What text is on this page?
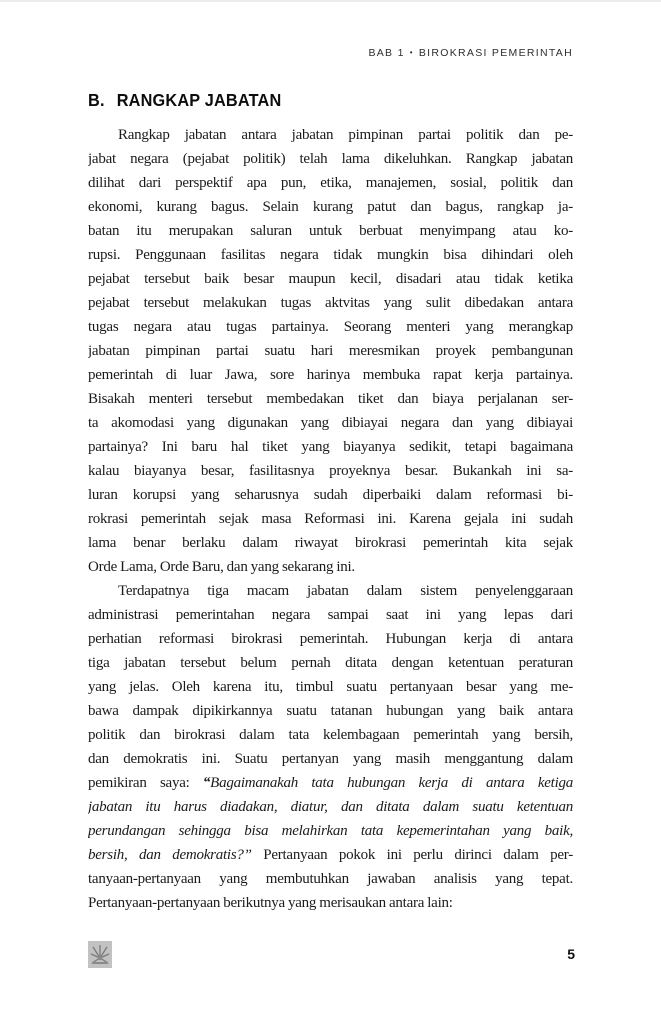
BAB 1 • BIROKRASI PEMERINTAH
B. RANGKAP JABATAN
Rangkap jabatan antara jabatan pimpinan partai politik dan pe-
jabat negara (pejabat politik) telah lama dikeluhkan. Rangkap jabatan
dilihat dari perspektif apa pun, etika, manajemen, sosial, politik dan
ekonomi, kurang bagus. Selain kurang patut dan bagus, rangkap ja-
batan itu merupakan saluran untuk berbuat menyimpang atau ko-
rupsi. Penggunaan fasilitas negara tidak mungkin bisa dihindari oleh
pejabat tersebut baik besar maupun kecil, disadari atau tidak ketika
pejabat tersebut melakukan tugas aktvitas yang sulit dibedakan antara
tugas negara atau tugas partainya. Seorang menteri yang merangkap
jabatan pimpinan partai suatu hari meresmikan proyek pembangunan
pemerintah di luar Jawa, sore harinya membuka rapat kerja partainya.
Bisakah menteri tersebut membedakan tiket dan biaya perjalanan ser-
ta akomodasi yang digunakan yang dibiayai negara dan yang dibiayai
partainya? Ini baru hal tiket yang biayanya sedikit, tetapi bagaimana
kalau biayanya besar, fasilitasnya proyeknya besar. Bukankah ini sa-
luran korupsi yang seharusnya sudah diperbaiki dalam reformasi bi-
rokrasi pemerintah sejak masa Reformasi ini. Karena gejala ini sudah
lama benar berlaku dalam riwayat birokrasi pemerintah kita sejak
Orde Lama, Orde Baru, dan yang sekarang ini.
Terdapatnya tiga macam jabatan dalam sistem penyelenggaraan
administrasi pemerintahan negara sampai saat ini yang lepas dari
perhatian reformasi birokrasi pemerintah. Hubungan kerja di antara
tiga jabatan tersebut belum pernah ditata dengan ketentuan peraturan
yang jelas. Oleh karena itu, timbul suatu pertanyaan besar yang me-
bawa dampak dipikirkannya suatu tatanan hubungan yang baik antara
politik dan birokrasi dalam tata kelembagaan pemerintah yang bersih,
dan demokratis ini. Suatu pertanyan yang masih menggantung dalam
pemikiran saya: “Bagaimanakah tata hubungan kerja di antara ketiga
jabatan itu harus diadakan, diatur, dan ditata dalam suatu ketentuan
perundangan sehingga bisa melahirkan tata kepemerintahan yang baik,
bersih, dan demokratis?” Pertanyaan pokok ini perlu dirinci dalam per-
tanyaan-pertanyaan yang membutuhkan jawaban analisis yang tepat.
Pertanyaan-pertanyaan berikutnya yang merisaukan antara lain:
5
